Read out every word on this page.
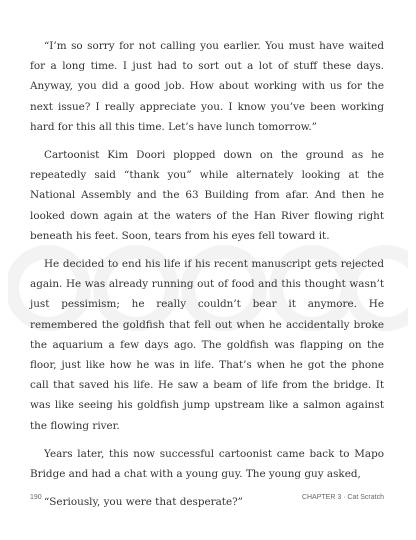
“I’m so sorry for not calling you earlier. You must have waited for a long time. I just had to sort out a lot of stuff these days. Anyway, you did a good job. How about working with us for the next issue? I really appreciate you. I know you’ve been working hard for this all this time. Let’s have lunch tomorrow.”

Cartoonist Kim Doori plopped down on the ground as he repeatedly said “thank you” while alternately looking at the National Assembly and the 63 Building from afar. And then he looked down again at the waters of the Han River flowing right beneath his feet. Soon, tears from his eyes fell toward it.

He decided to end his life if his recent manuscript gets rejected again. He was already running out of food and this thought wasn’t just pessimism; he really couldn’t bear it anymore. He remembered the goldfish that fell out when he accidentally broke the aquarium a few days ago. The goldfish was flapping on the floor, just like how he was in life. That’s when he got the phone call that saved his life. He saw a beam of life from the bridge. It was like seeing his goldfish jump upstream like a salmon against the flowing river.

Years later, this now successful cartoonist came back to Mapo Bridge and had a chat with a young guy. The young guy asked,

“Seriously, you were that desperate?”

190	CHAPTER 3 · Cat Scratch
